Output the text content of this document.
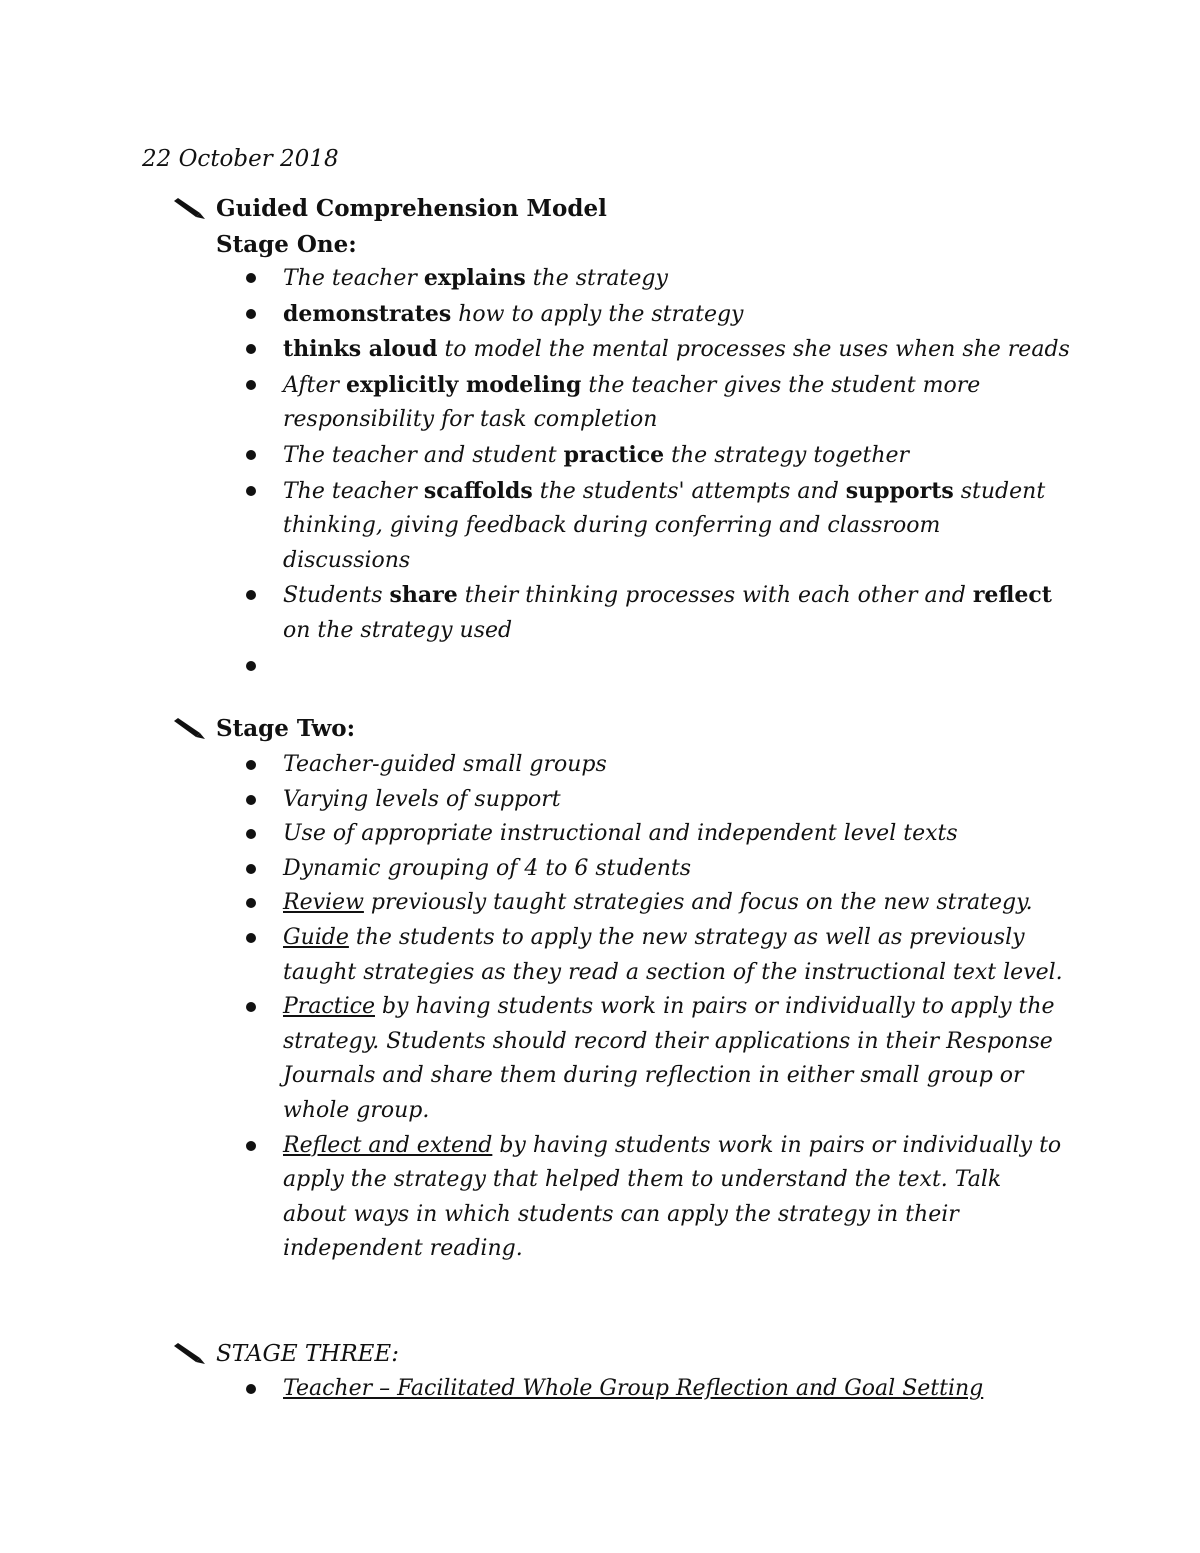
22 October 2018

Guided Comprehension Model

Stage One:

The teacher explains the strategy
demonstrates how to apply the strategy
thinks aloud to model the mental processes she uses when she reads
After explicitly modeling the teacher gives the student more responsibility for task completion
The teacher and student practice the strategy together
The teacher scaffolds the students' attempts and supports student thinking, giving feedback during conferring and classroom discussions
Students share their thinking processes with each other and reflect on the strategy used
Stage Two:
Teacher-guided small groups
Varying levels of support
Use of appropriate instructional and independent level texts
Dynamic grouping of 4 to 6 students
Review previously taught strategies and focus on the new strategy.
Guide the students to apply the new strategy as well as previously taught strategies as they read a section of the instructional text level.
Practice by having students work in pairs or individually to apply the strategy. Students should record their applications in their Response Journals and share them during reflection in either small group or whole group.
Reflect and extend by having students work in pairs or individually to apply the strategy that helped them to understand the text. Talk about ways in which students can apply the strategy in their independent reading.
STAGE THREE:
Teacher – Facilitated Whole Group Reflection and Goal Setting
